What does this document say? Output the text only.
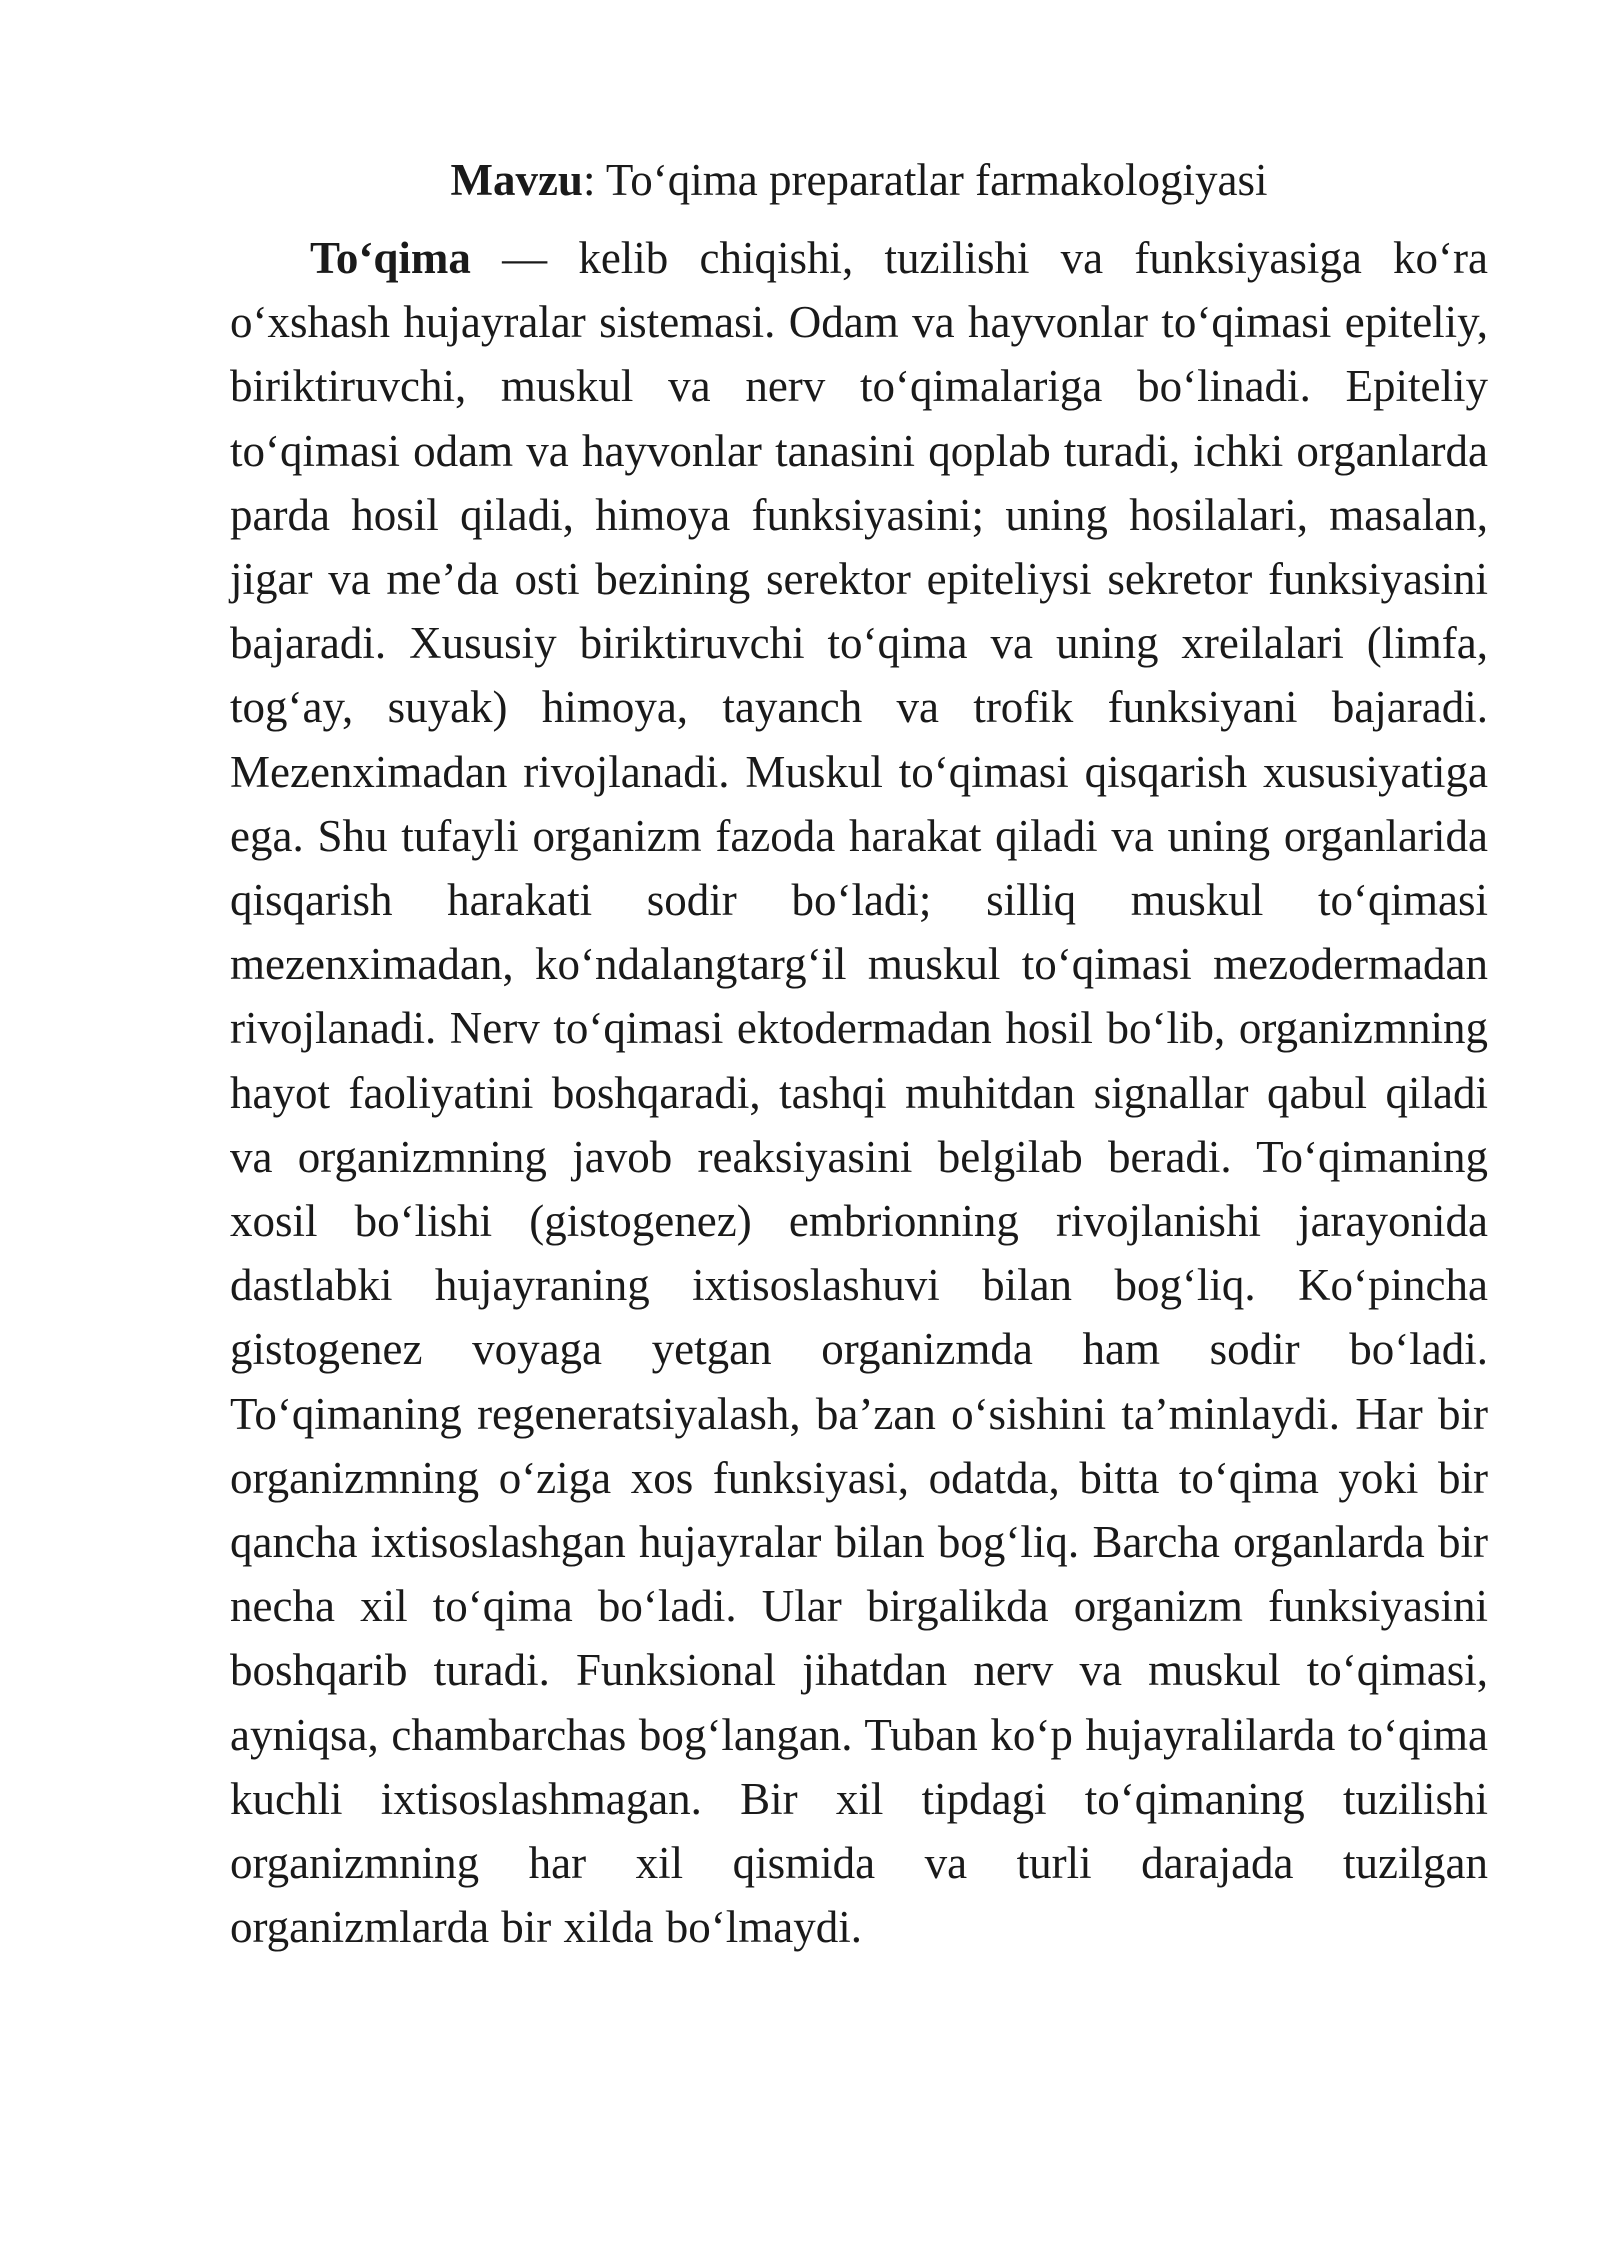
Mavzu: To‘qima preparatlar farmakologiyasi

To‘qima — kelib chiqishi, tuzilishi va funksiyasiga ko‘ra o‘xshash hujayralar sistemasi. Odam va hayvonlar to‘qimasi epiteliy, biriktiruvchi, muskul va nerv to‘qimalariga bo‘linadi. Epiteliy to‘qimasi odam va hayvonlar tanasini qoplab turadi, ichki organlarda parda hosil qiladi, himoya funksiyasini; uning hosilalari, masalan, jigar va me’da osti bezining serektor epiteliysi sekretor funksiyasini bajaradi. Xususiy biriktiruvchi to‘qima va uning xreilalari (limfa, tog‘ay, suyak) himoya, tayanch va trofik funksiyani bajaradi. Mezenximadan rivojlanadi. Muskul to‘qimasi qisqarish xususiyatiga ega. Shu tufayli organizm fazoda harakat qiladi va uning organlarida qisqarish harakati sodir bo‘ladi; silliq muskul to‘qimasi mezenximadan, ko‘ndalangtarg‘il muskul to‘qimasi mezodermadan rivojlanadi. Nerv to‘qimasi ektodermadan hosil bo‘lib, organizmning hayot faoliyatini boshqaradi, tashqi muhitdan signallar qabul qiladi va organizmning javob reaksiyasini belgilab beradi. To‘qimaning xosil bo‘lishi (gistogenez) embrionning rivojlanishi jarayonida dastlabki hujayraning ixtisoslashuvi bilan bog‘liq. Ko‘pincha gistogenez voyaga yetgan organizmda ham sodir bo‘ladi. To‘qimaning regeneratsiyalash, ba’zan o‘sishini ta’minlaydi. Har bir organizmning o‘ziga xos funksiyasi, odatda, bitta to‘qima yoki bir qancha ixtisoslashgan hujayralar bilan bog‘liq. Barcha organlarda bir necha xil to‘qima bo‘ladi. Ular birgalikda organizm funksiyasini boshqarib turadi. Funksional jihatdan nerv va muskul to‘qimasi, ayniqsa, chambarchas bog‘langan. Tuban ko‘p hujayralilarda to‘qima kuchli ixtisoslashmagan. Bir xil tipdagi to‘qimaning tuzilishi organizmning har xil qismida va turli darajada tuzilgan organizmlarda bir xilda bo‘lmaydi.
